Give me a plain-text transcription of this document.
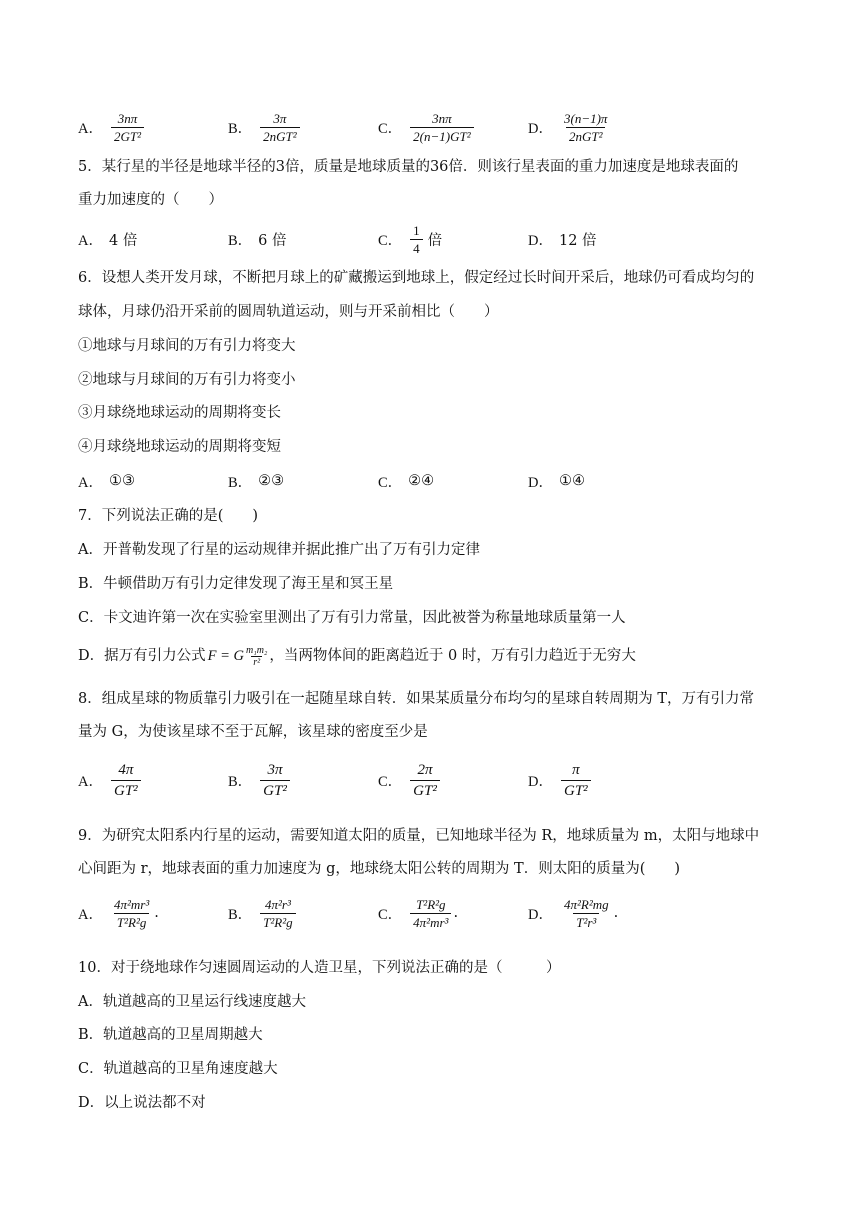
A．
3nπ
2GT²	B．
3π
2nGT²	C．
3nπ
2(n−1)GT²	D．
3(n−1)π
2nGT²
5．某行星的半径是地球半径的3倍，质量是地球质量的36倍．则该行星表面的重力加速度是地球表面的
重力加速度的（　　）
A． 4 倍	B． 6 倍	C．
1
4 倍	D． 12 倍
6．设想人类开发月球，不断把月球上的矿藏搬运到地球上，假定经过长时间开采后，地球仍可看成均匀的
球体，月球仍沿开采前的圆周轨道运动，则与开采前相比（　　）
①地球与月球间的万有引力将变大
②地球与月球间的万有引力将变小
③月球绕地球运动的周期将变长
④月球绕地球运动的周期将变短
A． ①③	B． ②③	C． ②④	D． ①④
7．下列说法正确的是(　　)
A．开普勒发现了行星的运动规律并据此推广出了万有引力定律
B．牛顿借助万有引力定律发现了海王星和冥王星
C．卡文迪许第一次在实验室里测出了万有引力常量，因此被誉为称量地球质量第一人
D．据万有引力公式 F = G m₁m₂
r² ，当两物体间的距离趋近于 0 时，万有引力趋近于无穷大
8．组成星球的物质靠引力吸引在一起随星球自转．如果某质量分布均匀的星球自转周期为 T，万有引力常
量为 G，为使该星球不至于瓦解，该星球的密度至少是
A．
4π
GT²
B．
3π
GT²
C．
2π
GT²
D．
π
GT²
9．为研究太阳系内行星的运动，需要知道太阳的质量，已知地球半径为 R，地球质量为 m，太阳与地球中
心间距为 r，地球表面的重力加速度为 g，地球绕太阳公转的周期为 T．则太阳的质量为(　　)
A．
4π²mr³
T²R²g
.	B．
4π²r³
T²R²g	C．
T²R²g
4π²mr³
.	D．
4π²R²mg
T²r³
.
10．对于绕地球作匀速圆周运动的人造卫星，下列说法正确的是（　　　）
A．轨道越高的卫星运行线速度越大
B．轨道越高的卫星周期越大
C．轨道越高的卫星角速度越大
D．以上说法都不对
